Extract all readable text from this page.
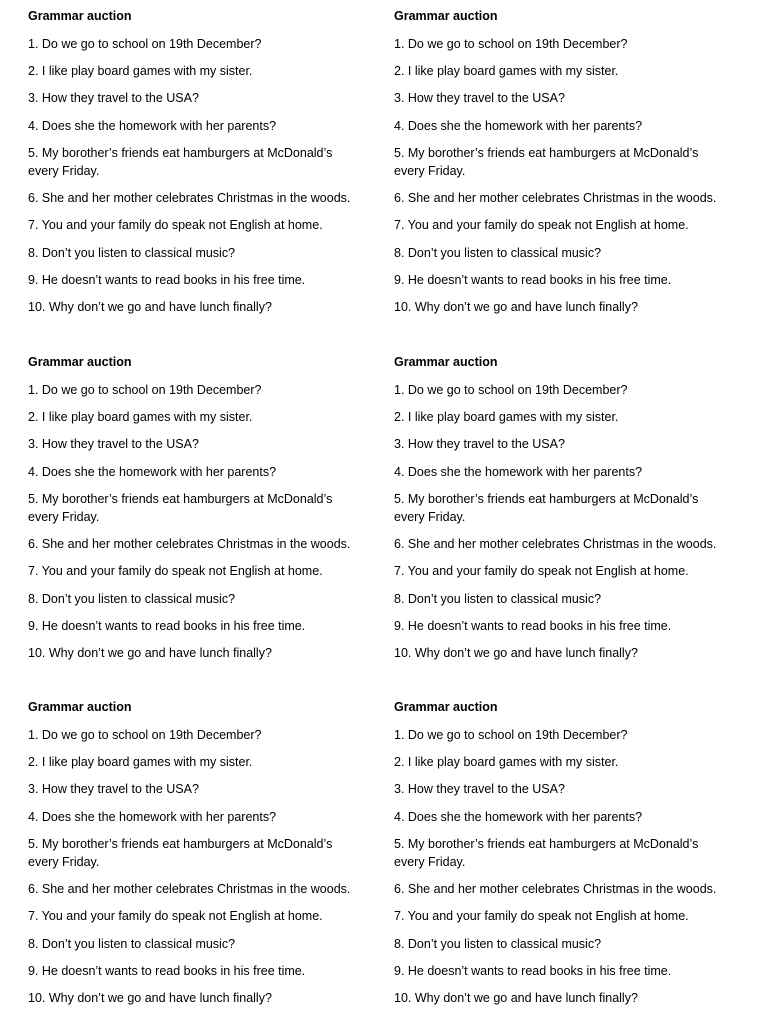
Grammar auction
1. Do we go to school on 19th December?
2. I like play board games with my sister.
3. How they travel to the USA?
4. Does she the homework with her parents?
5. My borother’s friends eat hamburgers at McDonald’s
every Friday.
6. She and her mother celebrates Christmas in the woods.
7. You and your family do speak not English at home.
8. Don’t you listen to classical music?
9. He doesn’t wants to read books in his free time.
10. Why don’t we go and have lunch finally?
Grammar auction
1. Do we go to school on 19th December?
2. I like play board games with my sister.
3. How they travel to the USA?
4. Does she the homework with her parents?
5. My borother’s friends eat hamburgers at McDonald’s
every Friday.
6. She and her mother celebrates Christmas in the woods.
7. You and your family do speak not English at home.
8. Don’t you listen to classical music?
9. He doesn’t wants to read books in his free time.
10. Why don’t we go and have lunch finally?
Grammar auction
1. Do we go to school on 19th December?
2. I like play board games with my sister.
3. How they travel to the USA?
4. Does she the homework with her parents?
5. My borother’s friends eat hamburgers at McDonald’s
every Friday.
6. She and her mother celebrates Christmas in the woods.
7. You and your family do speak not English at home.
8. Don’t you listen to classical music?
9. He doesn’t wants to read books in his free time.
10. Why don’t we go and have lunch finally?
Grammar auction
1. Do we go to school on 19th December?
2. I like play board games with my sister.
3. How they travel to the USA?
4. Does she the homework with her parents?
5. My borother’s friends eat hamburgers at McDonald’s
every Friday.
6. She and her mother celebrates Christmas in the woods.
7. You and your family do speak not English at home.
8. Don’t you listen to classical music?
9. He doesn’t wants to read books in his free time.
10. Why don’t we go and have lunch finally?
Grammar auction
1. Do we go to school on 19th December?
2. I like play board games with my sister.
3. How they travel to the USA?
4. Does she the homework with her parents?
5. My borother’s friends eat hamburgers at McDonald’s
every Friday.
6. She and her mother celebrates Christmas in the woods.
7. You and your family do speak not English at home.
8. Don’t you listen to classical music?
9. He doesn’t wants to read books in his free time.
10. Why don’t we go and have lunch finally?
Grammar auction
1. Do we go to school on 19th December?
2. I like play board games with my sister.
3. How they travel to the USA?
4. Does she the homework with her parents?
5. My borother’s friends eat hamburgers at McDonald’s
every Friday.
6. She and her mother celebrates Christmas in the woods.
7. You and your family do speak not English at home.
8. Don’t you listen to classical music?
9. He doesn’t wants to read books in his free time.
10. Why don’t we go and have lunch finally?
